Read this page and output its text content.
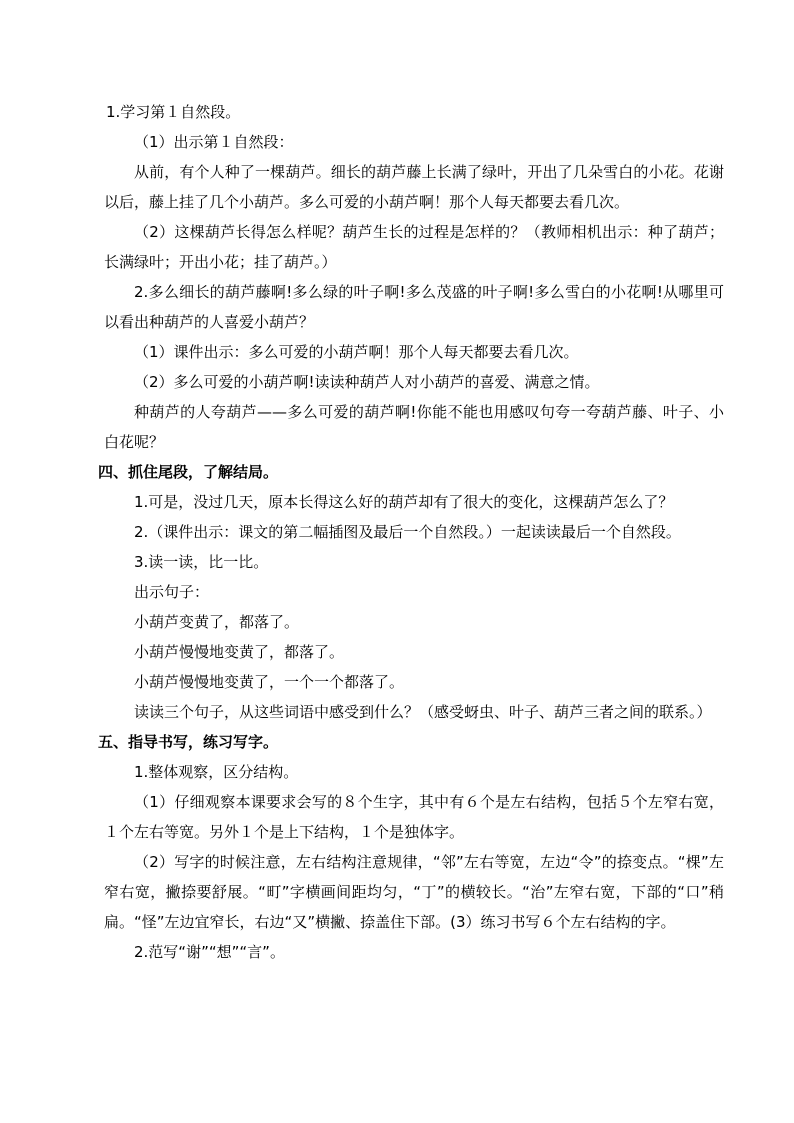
1.学习第１自然段。

（1）出示第１自然段：

从前，有个人种了一棵葫芦。细长的葫芦藤上长满了绿叶，开出了几朵雪白的小花。花谢以后，藤上挂了几个小葫芦。多么可爱的小葫芦啊！那个人每天都要去看几次。

（2）这棵葫芦长得怎么样呢？葫芦生长的过程是怎样的？（教师相机出示：种了葫芦；长满绿叶；开出小花；挂了葫芦。）

2.多么细长的葫芦藤啊!多么绿的叶子啊!多么茂盛的叶子啊!多么雪白的小花啊!从哪里可以看出种葫芦的人喜爱小葫芦？

（1）课件出示：多么可爱的小葫芦啊！那个人每天都要去看几次。

（2）多么可爱的小葫芦啊!读读种葫芦人对小葫芦的喜爱、满意之情。

种葫芦的人夸葫芦——多么可爱的葫芦啊!你能不能也用感叹句夸一夸葫芦藤、叶子、小白花呢？

四、抓住尾段，了解结局。

1.可是，没过几天，原本长得这么好的葫芦却有了很大的变化，这棵葫芦怎么了？

2.（课件出示：课文的第二幅插图及最后一个自然段。）一起读读最后一个自然段。

3.读一读，比一比。

出示句子：

小葫芦变黄了，都落了。

小葫芦慢慢地变黄了，都落了。

小葫芦慢慢地变黄了，一个一个都落了。

读读三个句子，从这些词语中感受到什么？（感受蚜虫、叶子、葫芦三者之间的联系。）

五、指导书写，练习写字。

1.整体观察，区分结构。

（1）仔细观察本课要求会写的８个生字，其中有６个是左右结构，包括５个左窄右宽，１个左右等宽。另外１个是上下结构，１个是独体字。

（2）写字的时候注意，左右结构注意规律，“邻”左右等宽，左边“令”的捺变点。“棵”左窄右宽，撇捺要舒展。“町”字横画间距均匀，“丁”的横较长。“治”左窄右宽，下部的“口”稍扁。“怪”左边宜窄长，右边“又”横撇、捺盖住下部。(3）练习书写６个左右结构的字。

2.范写“谢”“想”“言”。
